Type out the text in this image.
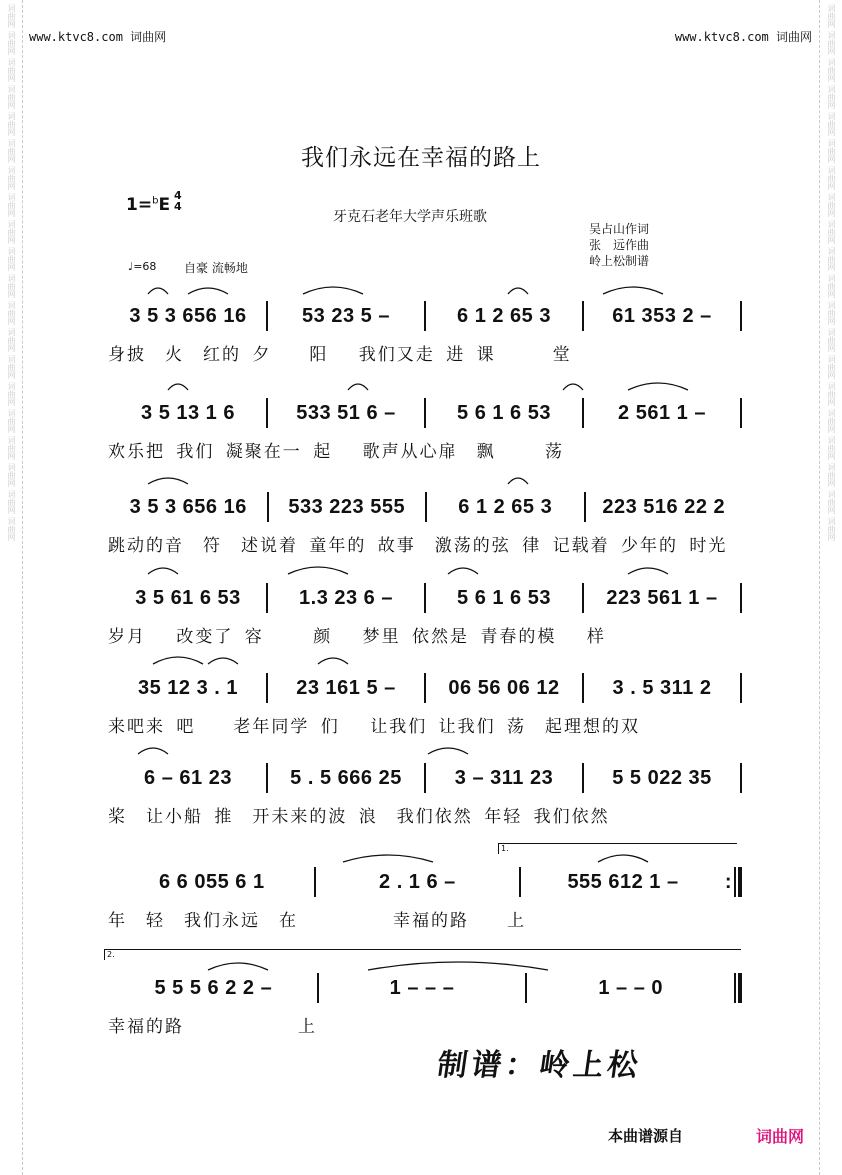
词曲网
词曲网
词曲网
词曲网
词曲网
词曲网
词曲网
词曲网
词曲网
词曲网
词曲网
词曲网
词曲网
词曲网
词曲网
词曲网
词曲网
词曲网
词曲网
词曲网
词曲网
词曲网
词曲网
词曲网
词曲网
词曲网
词曲网
词曲网
词曲网
词曲网
词曲网
词曲网
词曲网
词曲网
词曲网
词曲网
词曲网
词曲网
词曲网
词曲网
www.ktvc8.com 词曲网	www.ktvc8.com 词曲网
我们永远在幸福的路上
1=$^b$E 4
4
牙克石老年大学声乐班歌
吴占山作词
张　远作曲
岭上松制谱
♩=68 自豪 流畅地
3 5 3 656 16	53 23 5 –	6 1 2 65 3	61 353 2 –
身披　火　红的 夕　　阳　 我们又走 进 课　　　堂
3 5 13 1 6	533 51 6 –	5 6 1 6 53	2 561 1 –
欢乐把 我们 凝聚在一 起　 歌声从心扉　飘　　 荡
3 5 3 656 16	533 223 555	6 1 2 65 3	223 516 22 2
跳动的音　符　述说着 童年的 故事　激荡的弦 律 记载着 少年的 时光
3 5 61 6 53	1.3 23 6 –	5 6 1 6 53	223 561 1 –
岁月　 改变了 容　　 颜　 梦里 依然是 青春的模　 样
35 12 3 . 1	23 161 5 –	06 56 06 12	3 . 5 311 2
来吧来 吧　　老年同学 们　 让我们 让我们 荡　起理想的双
6 – 61 23	5 . 5 666 25	3 – 311 23	5 5 022 35
桨　让小船 推　开未来的波 浪　我们依然 年轻 我们依然
1.
6 6 055 6 1	2 . 1 6 –	555 612 1 –	:
年　轻　我们永远　在　　　　　幸福的路　　上
2.
5 5 5 6 2 2 –	1 – – –	1 – – 0
幸福的路　　　　　　上
制谱：岭上松
本曲谱源自	词曲网
